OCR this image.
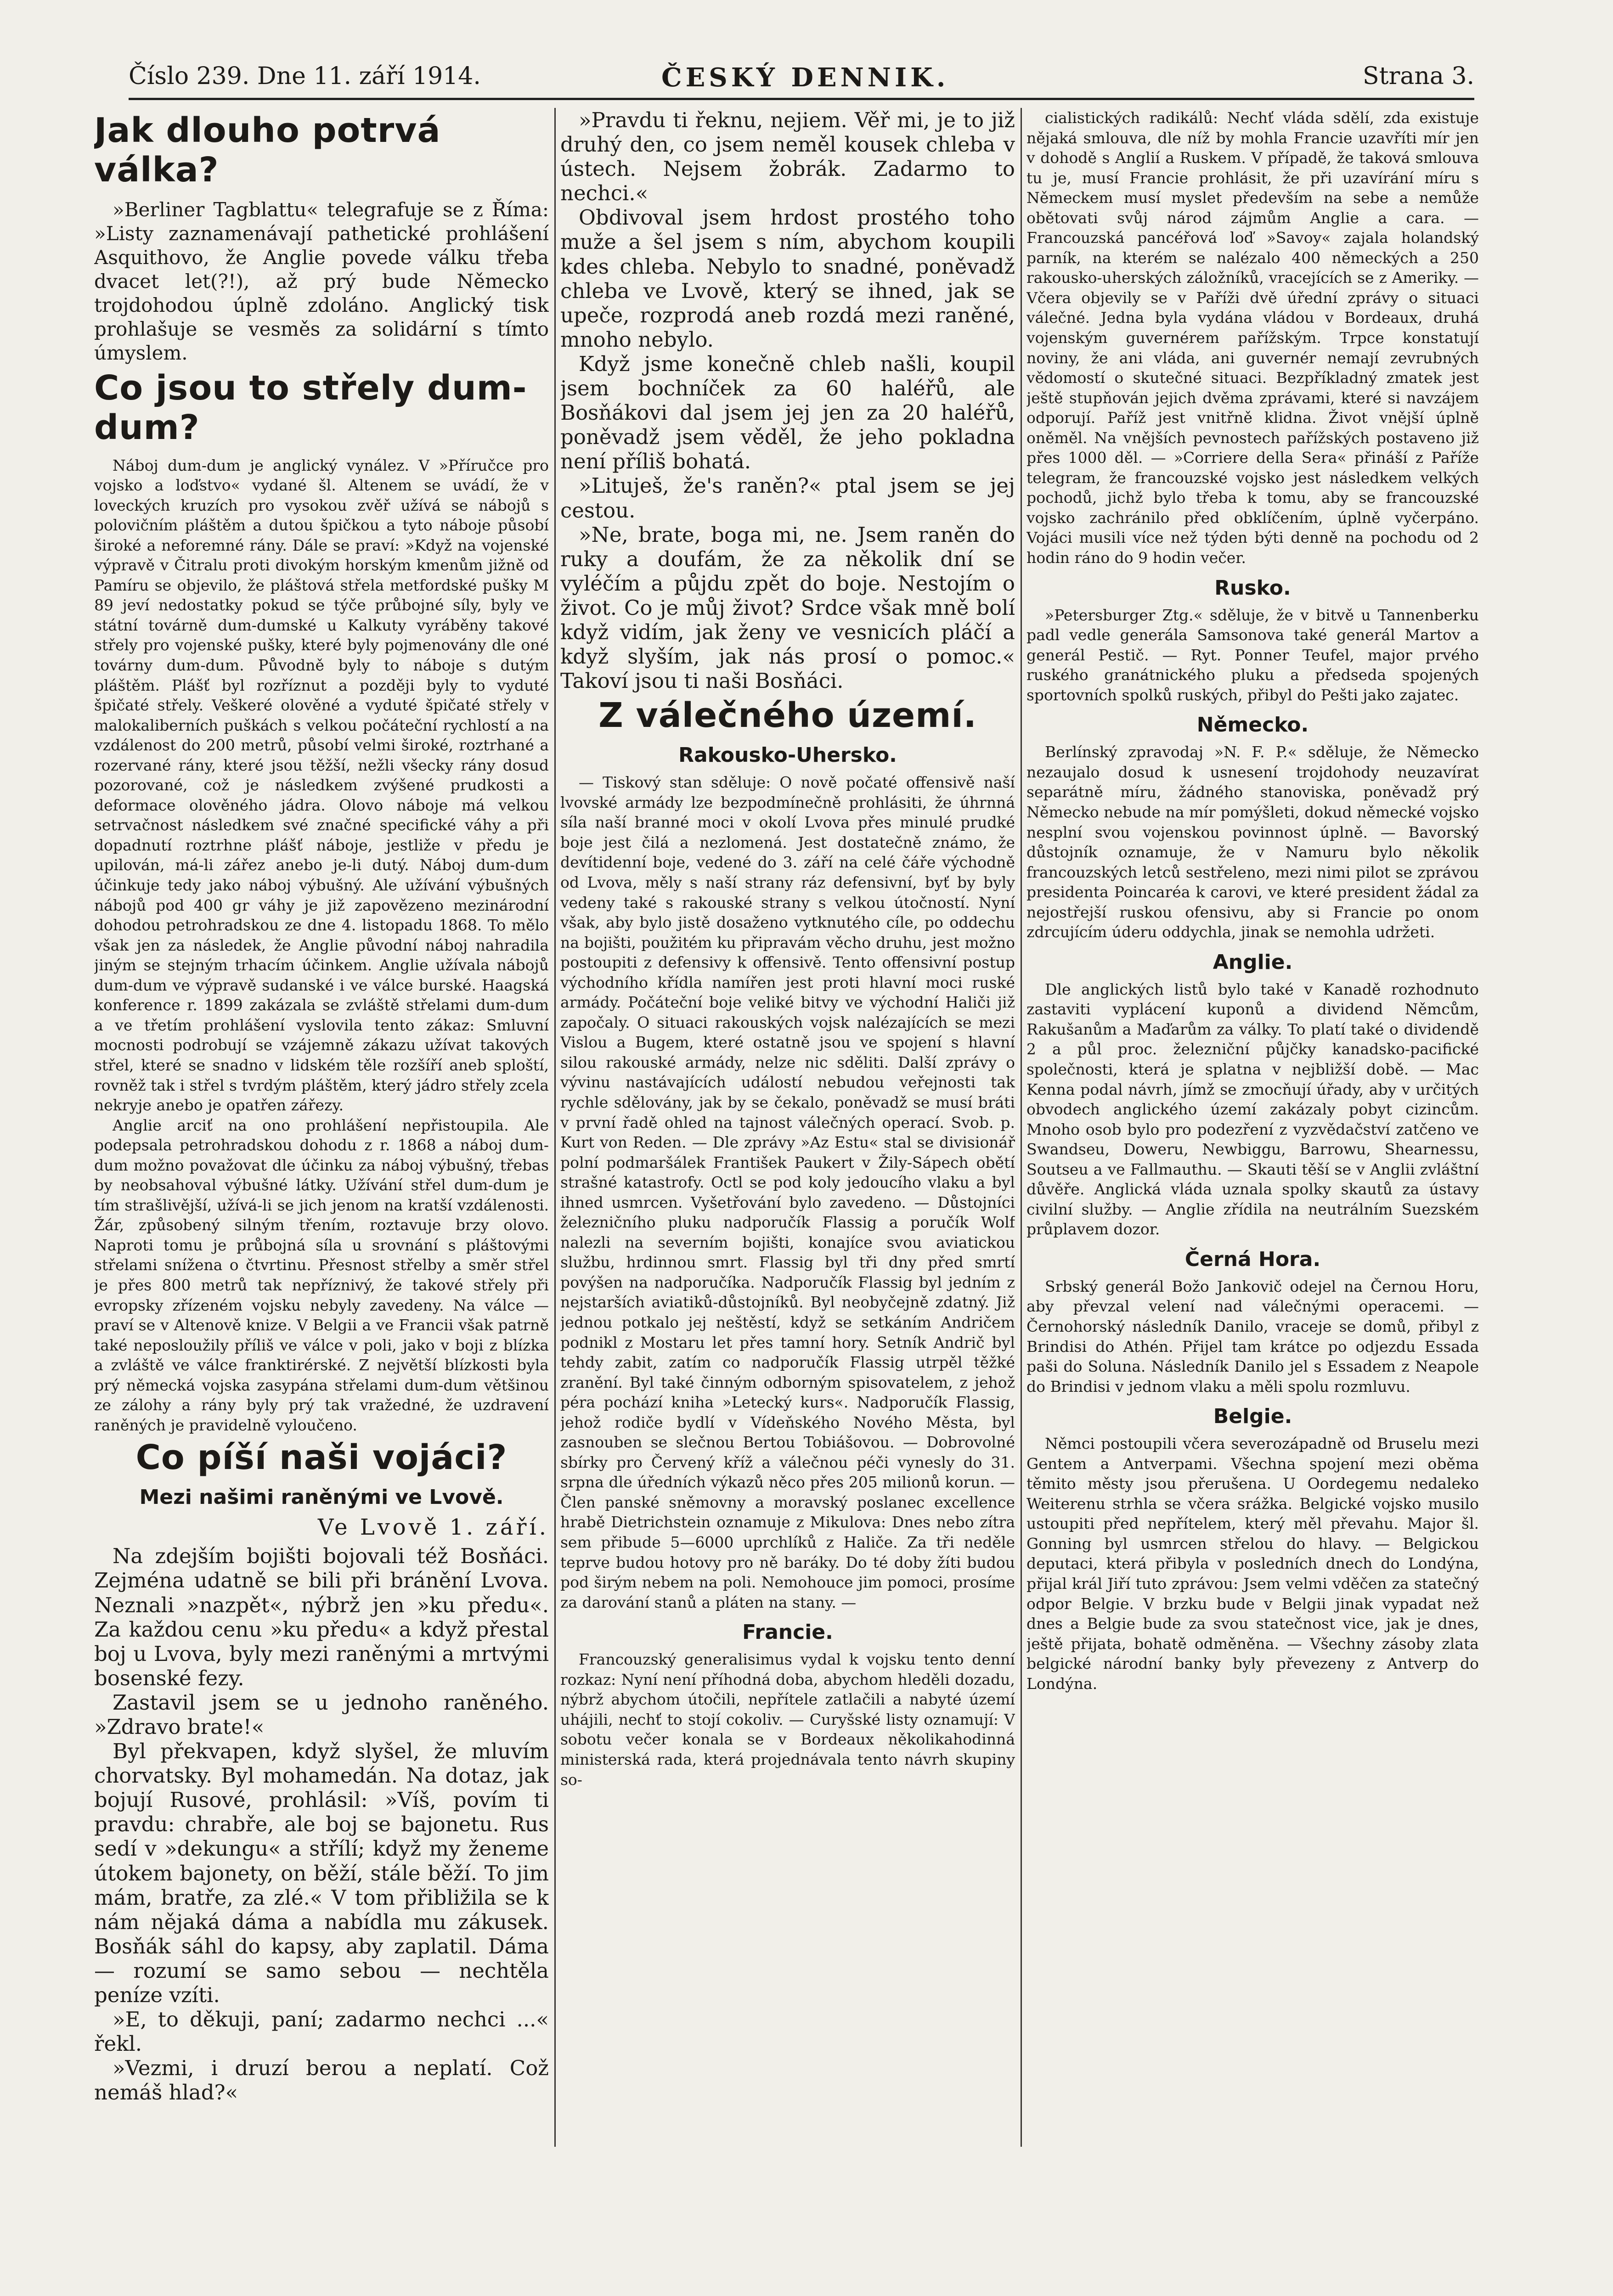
Číslo 239. Dne 11. září 1914.	ČESKÝ DENNIK.	Strana 3.
Jak dlouho potrvá válka?

»Berliner Tagblattu« telegrafuje se z Říma: »Listy zaznamenávají pathetické prohlášení Asquithovo, že Anglie povede válku třeba dvacet let(?!), až prý bude Německo trojdohodou úplně zdoláno. Anglický tisk prohlašuje se vesměs za solidární s tímto úmyslem.

Co jsou to střely dum-dum?

Náboj dum-dum je anglický vynález. V »Příručce pro vojsko a loďstvo« vydané šl. Altenem se uvádí, že v loveckých kruzích pro vysokou zvěř užívá se nábojů s polovičním pláštěm a dutou špičkou a tyto náboje působí široké a neforemné rány. Dále se praví: »Když na vojenské výpravě v Čitralu proti divokým horským kmenům jižně od Pamíru se objevilo, že pláštová střela metfordské pušky M 89 jeví nedostatky pokud se týče průbojné síly, byly ve státní továrně dum-dumské u Kalkuty vyráběny takové střely pro vojenské pušky, které byly pojmenovány dle oné továrny dum-dum. Původně byly to náboje s dutým pláštěm. Plášť byl rozříznut a později byly to vyduté špičaté střely. Veškeré olověné a vyduté špičaté střely v malokaliberních puškách s velkou počáteční rychlostí a na vzdálenost do 200 metrů, působí velmi široké, roztrhané a rozervané rány, které jsou těžší, nežli všecky rány dosud pozorované, což je následkem zvýšené prudkosti a deformace olověného jádra. Olovo náboje má velkou setrvačnost následkem své značné specifické váhy a při dopadnutí roztrhne plášť náboje, jestliže v předu je upilován, má-li zářez anebo je-li dutý. Náboj dum-dum účinkuje tedy jako náboj výbušný. Ale užívání výbušných nábojů pod 400 gr váhy je již zapovězeno mezinárodní dohodou petrohradskou ze dne 4. listopadu 1868. To mělo však jen za následek, že Anglie původní náboj nahradila jiným se stejným trhacím účinkem. Anglie užívala nábojů dum-dum ve výpravě sudanské i ve válce burské. Haagská konference r. 1899 zakázala se zvláště střelami dum-dum a ve třetím prohlášení vyslovila tento zákaz: Smluvní mocnosti podrobují se vzájemně zákazu užívat takových střel, které se snadno v lidském těle rozšíří aneb sploští, rovněž tak i střel s tvrdým pláštěm, který jádro střely zcela nekryje anebo je opatřen zářezy.

Anglie arciť na ono prohlášení nepřistoupila. Ale podepsala petrohradskou dohodu z r. 1868 a náboj dum-dum možno považovat dle účinku za náboj výbušný, třebas by neobsahoval výbušné látky. Užívání střel dum-dum je tím strašlivější, užívá-li se jich jenom na kratší vzdálenosti. Žár, způsobený silným třením, roztavuje brzy olovo. Naproti tomu je průbojná síla u srovnání s pláštovými střelami snížena o čtvrtinu. Přesnost střelby a směr střel je přes 800 metrů tak nepříznivý, že takové střely při evropsky zřízeném vojsku nebyly zavedeny. Na válce — praví se v Altenově knize. V Belgii a ve Francii však patrně také neposloužily příliš ve válce v poli, jako v boji z blízka a zvláště ve válce franktirérské. Z největší blízkosti byla prý německá vojska zasypána střelami dum-dum většinou ze zálohy a rány byly prý tak vražedné, že uzdravení raněných je pravidelně vyloučeno.

Co píší naši vojáci?
Mezi našimi raněnými ve Lvově.
Ve Lvově 1. září.

Na zdejším bojišti bojovali též Bosňáci. Zejména udatně se bili při bránění Lvova. Neznali »nazpět«, nýbrž jen »ku předu«. Za každou cenu »ku předu« a když přestal boj u Lvova, byly mezi raněnými a mrtvými bosenské fezy.

Zastavil jsem se u jednoho raněného. »Zdravo brate!«

Byl překvapen, když slyšel, že mluvím chorvatsky. Byl mohamedán. Na dotaz, jak bojují Rusové, prohlásil: »Víš, povím ti pravdu: chrabře, ale boj se bajonetu. Rus sedí v »dekungu« a střílí; když my ženeme útokem bajonety, on běží, stále běží. To jim mám, bratře, za zlé.« V tom přibližila se k nám nějaká dáma a nabídla mu zákusek. Bosňák sáhl do kapsy, aby zaplatil. Dáma — rozumí se samo sebou — nechtěla peníze vzíti.

»E, to děkuji, paní; zadarmo nechci ...« řekl.

»Vezmi, i druzí berou a neplatí. Což nemáš hlad?«

»Pravdu ti řeknu, nejiem. Věř mi, je to již druhý den, co jsem neměl kousek chleba v ústech. Nejsem žobrák. Zadarmo to nechci.«

Obdivoval jsem hrdost prostého toho muže a šel jsem s ním, abychom koupili kdes chleba. Nebylo to snadné, poněvadž chleba ve Lvově, který se ihned, jak se upeče, rozprodá aneb rozdá mezi raněné, mnoho nebylo.

Když jsme konečně chleb našli, koupil jsem bochníček za 60 haléřů, ale Bosňákovi dal jsem jej jen za 20 haléřů, poněvadž jsem věděl, že jeho pokladna není příliš bohatá.

»Lituješ, že's raněn?« ptal jsem se jej cestou.

»Ne, brate, boga mi, ne. Jsem raněn do ruky a doufám, že za několik dní se vyléčím a půjdu zpět do boje. Nestojím o život. Co je můj život? Srdce však mně bolí když vidím, jak ženy ve vesnicích pláčí a když slyším, jak nás prosí o pomoc.« Takoví jsou ti naši Bosňáci.

Z válečného území.
Rakousko-Uhersko.

— Tiskový stan sděluje: O nově počaté offensivě naší lvovské armády lze bezpodmínečně prohlásiti, že úhrnná síla naší branné moci v okolí Lvova přes minulé prudké boje jest čilá a nezlomená. Jest dostatečně známo, že devítidenní boje, vedené do 3. září na celé čáře východně od Lvova, měly s naší strany ráz defensivní, byť by byly vedeny také s rakouské strany s velkou útočností. Nyní však, aby bylo jistě dosaženo vytknutého cíle, po oddechu na bojišti, použitém ku připravám věcho druhu, jest možno postoupiti z defensivy k offensivě. Tento offensivní postup východního křídla namířen jest proti hlavní moci ruské armády. Počáteční boje veliké bitvy ve východní Haliči již započaly. O situaci rakouských vojsk nalézajících se mezi Vislou a Bugem, které ostatně jsou ve spojení s hlavní silou rakouské armády, nelze nic sděliti. Další zprávy o vývinu nastávajících událostí nebudou veřejnosti tak rychle sdělovány, jak by se čekalo, poněvadž se musí bráti v první řadě ohled na tajnost válečných operací. Svob. p. Kurt von Reden. — Dle zprávy »Az Estu« stal se divisionář polní podmaršálek František Paukert v Žily-Sápech obětí strašné katastrofy. Octl se pod koly jedoucího vlaku a byl ihned usmrcen. Vyšetřování bylo zavedeno. — Důstojníci železničního pluku nadporučík Flassig a poručík Wolf nalezli na severním bojišti, konajíce svou aviatickou službu, hrdinnou smrt. Flassig byl tři dny před smrtí povýšen na nadporučíka. Nadporučík Flassig byl jedním z nejstarších aviatiků-důstojníků. Byl neobyčejně zdatný. Již jednou potkalo jej neštěstí, když se setkáním Andričem podnikl z Mostaru let přes tamní hory. Setník Andrič byl tehdy zabit, zatím co nadporučík Flassig utrpěl těžké zranění. Byl také činným odborným spisovatelem, z jehož péra pochází kniha »Letecký kurs«. Nadporučík Flassig, jehož rodiče bydlí v Vídeňského Nového Města, byl zasnouben se slečnou Bertou Tobiášovou. — Dobrovolné sbírky pro Červený kříž a válečnou péči vynesly do 31. srpna dle úředních výkazů něco přes 205 milionů korun. — Člen panské sněmovny a moravský poslanec excellence hrabě Dietrichstein oznamuje z Mikulova: Dnes nebo zítra sem přibude 5—6000 uprchlíků z Haliče. Za tři neděle teprve budou hotovy pro ně baráky. Do té doby žíti budou pod širým nebem na poli. Nemohouce jim pomoci, prosíme za darování stanů a pláten na stany. —

Francie.

Francouzský generalisimus vydal k vojsku tento denní rozkaz: Nyní není příhodná doba, abychom hleděli dozadu, nýbrž abychom útočili, nepřítele zatlačili a nabyté území uhájili, nechť to stojí cokoliv. — Curyšské listy oznamují: V sobotu večer konala se v Bordeaux několikahodinná ministerská rada, která projednávala tento návrh skupiny so-

cialistických radikálů: Nechť vláda sdělí, zda existuje nějaká smlouva, dle níž by mohla Francie uzavříti mír jen v dohodě s Anglií a Ruskem. V případě, že taková smlouva tu je, musí Francie prohlásit, že při uzavírání míru s Německem musí myslet především na sebe a nemůže obětovati svůj národ zájmům Anglie a cara. — Francouzská pancéřová loď »Savoy« zajala holandský parník, na kterém se nalézalo 400 německých a 250 rakousko-uherských záložníků, vracejících se z Ameriky. — Včera objevily se v Paříži dvě úřední zprávy o situaci válečné. Jedna byla vydána vládou v Bordeaux, druhá vojenským guvernérem pařížským. Trpce konstatují noviny, že ani vláda, ani guvernér nemají zevrubných vědomostí o skutečné situaci. Bezpříkladný zmatek jest ještě stupňován jejich dvěma zprávami, které si navzájem odporují. Paříž jest vnitřně klidna. Život vnější úplně oněměl. Na vnějších pevnostech pařížských postaveno již přes 1000 děl. — »Corriere della Sera« přináší z Paříže telegram, že francouzské vojsko jest následkem velkých pochodů, jichž bylo třeba k tomu, aby se francouzské vojsko zachránilo před obklíčením, úplně vyčerpáno. Vojáci musili více než týden býti denně na pochodu od 2 hodin ráno do 9 hodin večer.

Rusko.

»Petersburger Ztg.« sděluje, že v bitvě u Tannenberku padl vedle generála Samsonova také generál Martov a generál Pestič. — Ryt. Ponner Teufel, major prvého ruského granátnického pluku a předseda spojených sportovních spolků ruských, přibyl do Pešti jako zajatec.

Německo.

Berlínský zpravodaj »N. F. P.« sděluje, že Německo nezaujalo dosud k usnesení trojdohody neuzavírat separátně míru, žádného stanoviska, poněvadž prý Německo nebude na mír pomýšleti, dokud německé vojsko nesplní svou vojenskou povinnost úplně. — Bavorský důstojník oznamuje, že v Namuru bylo několik francouzských letců sestřeleno, mezi nimi pilot se zprávou presidenta Poincaréa k carovi, ve které president žádal za nejostřejší ruskou ofensivu, aby si Francie po onom zdrcujícím úderu oddychla, jinak se nemohla udržeti.

Anglie.

Dle anglických listů bylo také v Kanadě rozhodnuto zastaviti vyplácení kuponů a dividend Němcům, Rakušanům a Maďarům za války. To platí také o dividendě 2 a půl proc. železniční půjčky kanadsko-pacifické společnosti, která je splatna v nejbližší době. — Mac Kenna podal návrh, jímž se zmocňují úřady, aby v určitých obvodech anglického území zakázaly pobyt cizincům. Mnoho osob bylo pro podezření z vyzvědačství zatčeno ve Swandseu, Doweru, Newbiggu, Barrowu, Shearnessu, Soutseu a ve Fallmauthu. — Skauti těší se v Anglii zvláštní důvěře. Anglická vláda uznala spolky skautů za ústavy civilní služby. — Anglie zřídila na neutrálním Suezském průplavem dozor.

Černá Hora.

Srbský generál Božo Jankovič odejel na Černou Horu, aby převzal velení nad válečnými operacemi. — Černohorský následník Danilo, vraceje se domů, přibyl z Brindisi do Athén. Přijel tam krátce po odjezdu Essada paši do Soluna. Následník Danilo jel s Essadem z Neapole do Brindisi v jednom vlaku a měli spolu rozmluvu.

Belgie.

Němci postoupili včera severozápadně od Bruselu mezi Gentem a Antverpami. Všechna spojení mezi oběma těmito městy jsou přerušena. U Oordegemu nedaleko Weiterenu strhla se včera srážka. Belgické vojsko musilo ustoupiti před nepřítelem, který měl převahu. Major šl. Gonning byl usmrcen střelou do hlavy. — Belgickou deputaci, která přibyla v posledních dnech do Londýna, přijal král Jiří tuto zprávou: Jsem velmi vděčen za statečný odpor Belgie. V brzku bude v Belgii jinak vypadat než dnes a Belgie bude za svou statečnost vice, jak je dnes, ještě přijata, bohatě odměněna. — Všechny zásoby zlata belgické národní banky byly převezeny z Antverp do Londýna.
